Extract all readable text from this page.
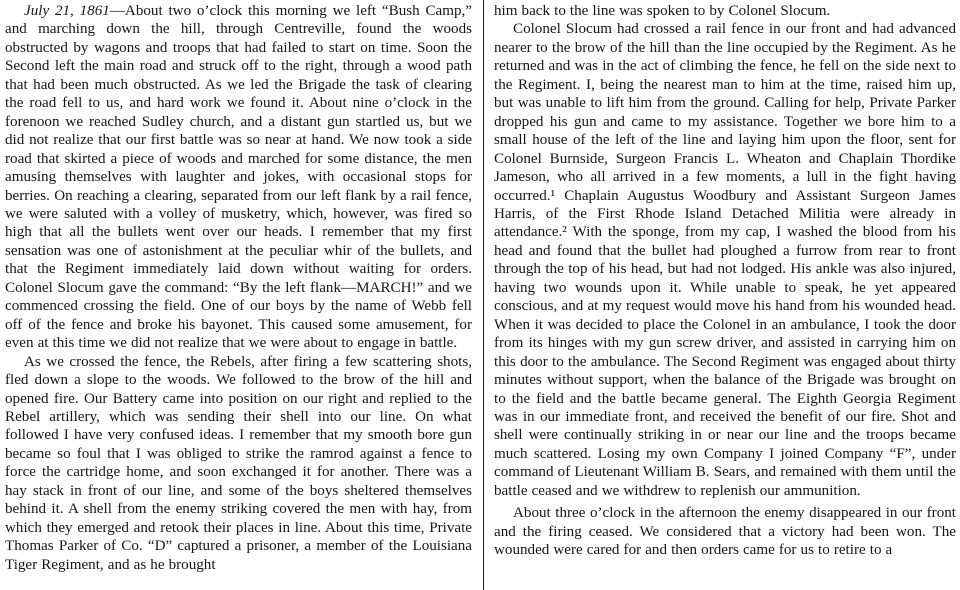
July 21, 1861—About two o’clock this morning we left “Bush Camp,” and marching down the hill, through Centreville, found the woods obstructed by wagons and troops that had failed to start on time. Soon the Second left the main road and struck off to the right, through a wood path that had been much obstructed. As we led the Brigade the task of clearing the road fell to us, and hard work we found it. About nine o’clock in the forenoon we reached Sudley church, and a distant gun startled us, but we did not realize that our first battle was so near at hand. We now took a side road that skirted a piece of woods and marched for some distance, the men amusing themselves with laughter and jokes, with occasional stops for berries. On reaching a clearing, separated from our left flank by a rail fence, we were saluted with a volley of musketry, which, however, was fired so high that all the bullets went over our heads. I remember that my first sensation was one of astonishment at the peculiar whir of the bullets, and that the Regiment immediately laid down without waiting for orders. Colonel Slocum gave the command: “By the left flank—MARCH!” and we commenced crossing the field. One of our boys by the name of Webb fell off of the fence and broke his bayonet. This caused some amusement, for even at this time we did not realize that we were about to engage in battle.

As we crossed the fence, the Rebels, after firing a few scattering shots, fled down a slope to the woods. We followed to the brow of the hill and opened fire. Our Battery came into position on our right and replied to the Rebel artillery, which was sending their shell into our line. On what followed I have very confused ideas. I remember that my smooth bore gun became so foul that I was obliged to strike the ramrod against a fence to force the cartridge home, and soon exchanged it for another. There was a hay stack in front of our line, and some of the boys sheltered themselves behind it. A shell from the enemy striking covered the men with hay, from which they emerged and retook their places in line. About this time, Private Thomas Parker of Co. “D” captured a prisoner, a member of the Louisiana Tiger Regiment, and as he brought

him back to the line was spoken to by Colonel Slocum.

Colonel Slocum had crossed a rail fence in our front and had advanced nearer to the brow of the hill than the line occupied by the Regiment. As he returned and was in the act of climbing the fence, he fell on the side next to the Regiment. I, being the nearest man to him at the time, raised him up, but was unable to lift him from the ground. Calling for help, Private Parker dropped his gun and came to my assistance. Together we bore him to a small house of the left of the line and laying him upon the floor, sent for Colonel Burnside, Surgeon Francis L. Wheaton and Chaplain Thordike Jameson, who all arrived in a few moments, a lull in the fight having occurred.¹ Chaplain Augustus Woodbury and Assistant Surgeon James Harris, of the First Rhode Island Detached Militia were already in attendance.² With the sponge, from my cap, I washed the blood from his head and found that the bullet had ploughed a furrow from rear to front through the top of his head, but had not lodged. His ankle was also injured, having two wounds upon it. While unable to speak, he yet appeared conscious, and at my request would move his hand from his wounded head. When it was decided to place the Colonel in an ambulance, I took the door from its hinges with my gun screw driver, and assisted in carrying him on this door to the ambulance. The Second Regiment was engaged about thirty minutes without support, when the balance of the Brigade was brought on to the field and the battle became general. The Eighth Georgia Regiment was in our immediate front, and received the benefit of our fire. Shot and shell were continually striking in or near our line and the troops became much scattered. Losing my own Company I joined Company “F”, under command of Lieutenant William B. Sears, and remained with them until the battle ceased and we withdrew to replenish our ammunition.

About three o’clock in the afternoon the enemy disappeared in our front and the firing ceased. We considered that a victory had been won. The wounded were cared for and then orders came for us to retire to a
